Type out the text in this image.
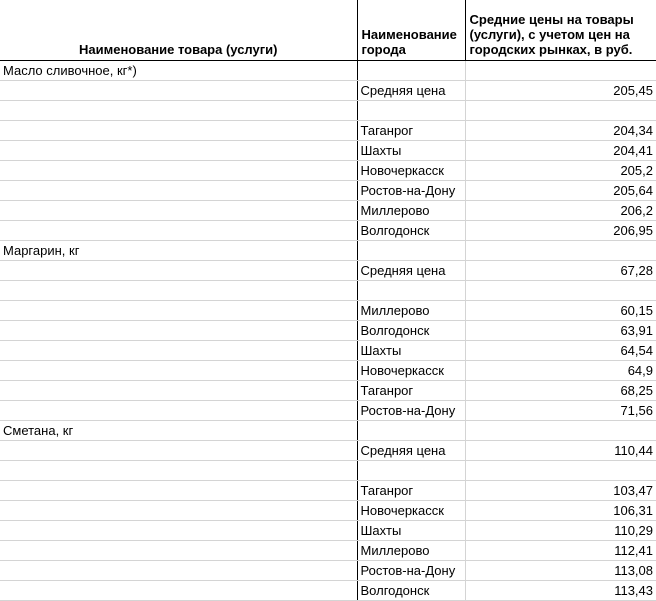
Наименование товара (услуги)	Наименование города	Средние цены на товары (услуги), с учетом цен на городских рынках, в руб.
Масло сливочное, кг*)		
	Средняя цена	205,45

	Таганрог	204,34
	Шахты	204,41
	Новочеркасск	205,2
	Ростов-на-Дону	205,64
	Миллерово	206,2
	Волгодонск	206,95
Маргарин, кг		
	Средняя цена	67,28

	Миллерово	60,15
	Волгодонск	63,91
	Шахты	64,54
	Новочеркасск	64,9
	Таганрог	68,25
	Ростов-на-Дону	71,56
Сметана, кг		
	Средняя цена	110,44

	Таганрог	103,47
	Новочеркасск	106,31
	Шахты	110,29
	Миллерово	112,41
	Ростов-на-Дону	113,08
	Волгодонск	113,43
